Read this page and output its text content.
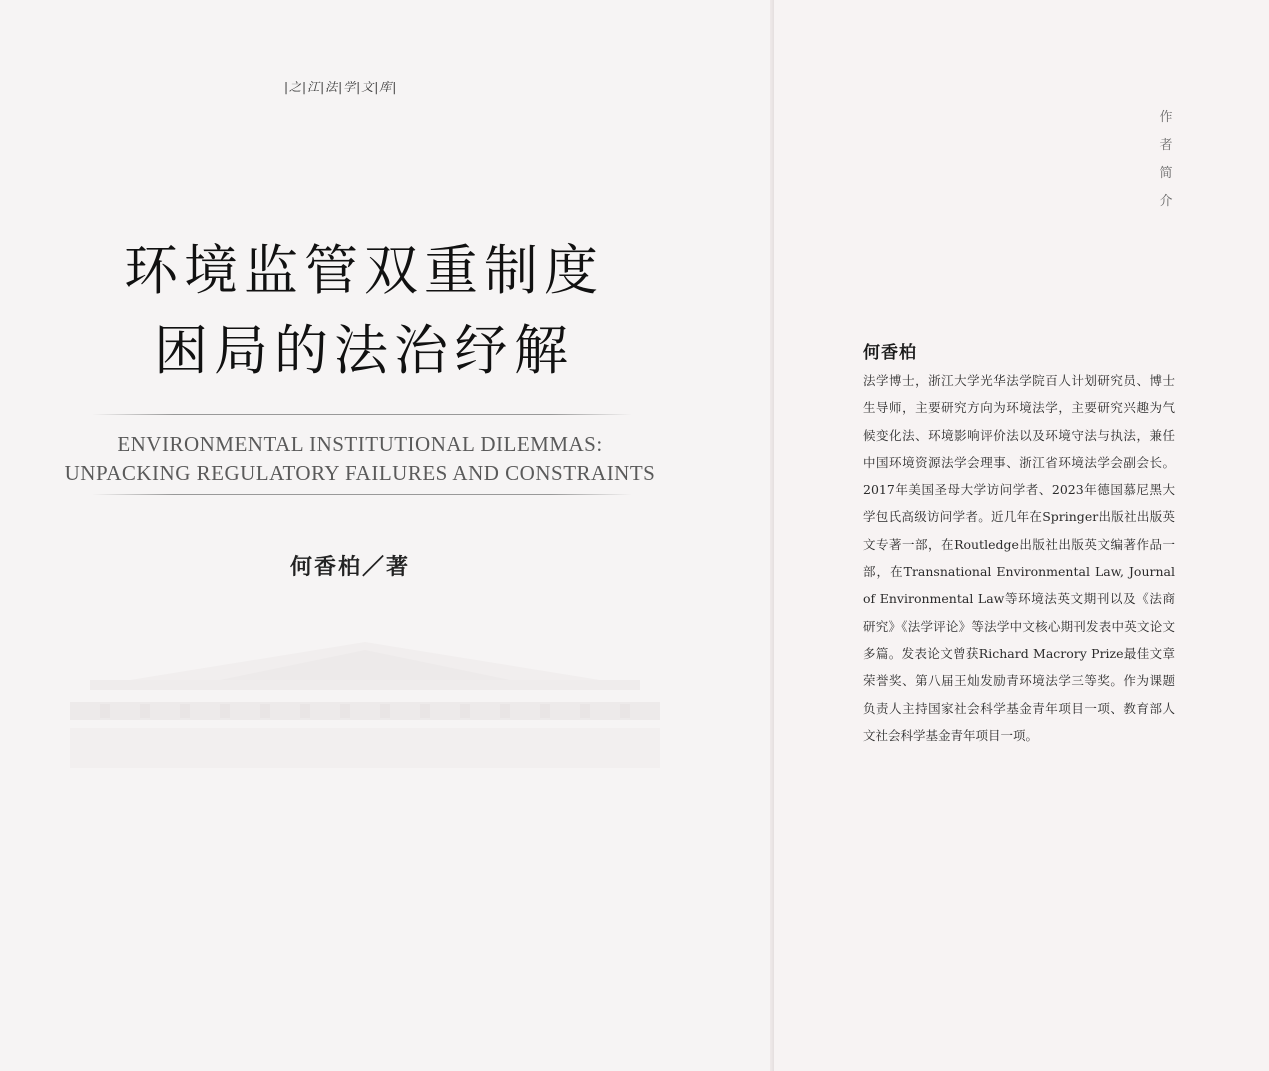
|之|江|法|学|文|库|
环境监管双重制度
困局的法治纾解
ENVIRONMENTAL INSTITUTIONAL DILEMMAS:
UNPACKING REGULATORY FAILURES AND CONSTRAINTS
何香柏／著
作
者
简
介
何香柏
法学博士，浙江大学光华法学院百人计划研究员、博士生导师，主要研究方向为环境法学，主要研究兴趣为气候变化法、环境影响评价法以及环境守法与执法，兼任中国环境资源法学会理事、浙江省环境法学会副会长。2017年美国圣母大学访问学者、2023年德国慕尼黑大学包氏高级访问学者。近几年在Springer出版社出版英文专著一部，在Routledge出版社出版英文编著作品一部，在Transnational Environmental Law, Journal of Environmental Law等环境法英文期刊以及《法商研究》《法学评论》等法学中文核心期刊发表中英文论文多篇。发表论文曾获Richard Macrory Prize最佳文章荣誉奖、第八届王灿发励青环境法学三等奖。作为课题负责人主持国家社会科学基金青年项目一项、教育部人文社会科学基金青年项目一项。
